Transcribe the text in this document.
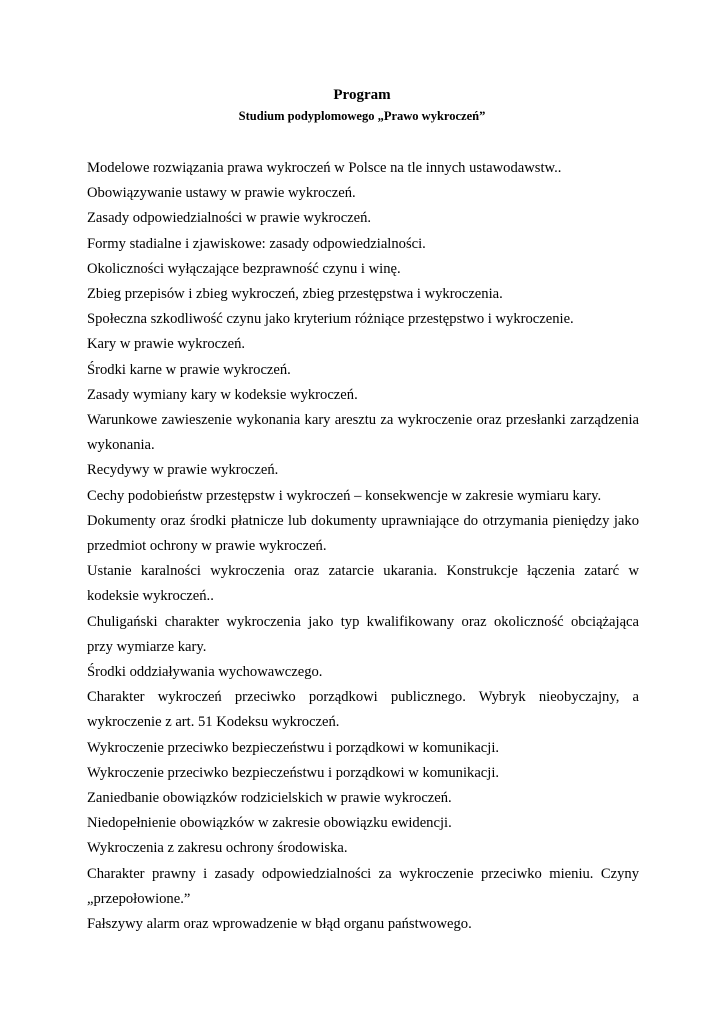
Program
Studium podyplomowego „Prawo wykroczeń”

Modelowe rozwiązania prawa wykroczeń w Polsce na tle innych ustawodawstw..

Obowiązywanie ustawy w prawie wykroczeń.

Zasady odpowiedzialności w prawie wykroczeń.

Formy stadialne i zjawiskowe: zasady odpowiedzialności.

Okoliczności wyłączające bezprawność czynu i winę.

Zbieg przepisów i zbieg wykroczeń, zbieg przestępstwa i wykroczenia.

Społeczna szkodliwość czynu jako kryterium różniące przestępstwo i wykroczenie.

Kary w prawie wykroczeń.

Środki karne w prawie wykroczeń.

Zasady wymiany kary w kodeksie wykroczeń.

Warunkowe zawieszenie wykonania kary aresztu za wykroczenie oraz przesłanki zarządzenia wykonania.

Recydywy w prawie wykroczeń.

Cechy podobieństw przestępstw i wykroczeń – konsekwencje w zakresie wymiaru kary.

Dokumenty oraz środki płatnicze lub dokumenty uprawniające do otrzymania pieniędzy jako przedmiot ochrony w prawie wykroczeń.

Ustanie karalności wykroczenia oraz zatarcie ukarania. Konstrukcje łączenia zatarć w kodeksie wykroczeń..

Chuligański charakter wykroczenia jako typ kwalifikowany oraz okoliczność obciążająca przy wymiarze kary.

Środki oddziaływania wychowawczego.

Charakter wykroczeń przeciwko porządkowi publicznego. Wybryk nieobyczajny, a wykroczenie z art. 51 Kodeksu wykroczeń.

Wykroczenie przeciwko bezpieczeństwu i porządkowi w komunikacji.

Wykroczenie przeciwko bezpieczeństwu i porządkowi w komunikacji.

Zaniedbanie obowiązków rodzicielskich w prawie wykroczeń.

Niedopełnienie obowiązków w zakresie obowiązku ewidencji.

Wykroczenia z zakresu ochrony środowiska.

Charakter prawny i zasady odpowiedzialności za wykroczenie przeciwko mieniu. Czyny „przepołowione.”

Fałszywy alarm oraz wprowadzenie w błąd organu państwowego.
